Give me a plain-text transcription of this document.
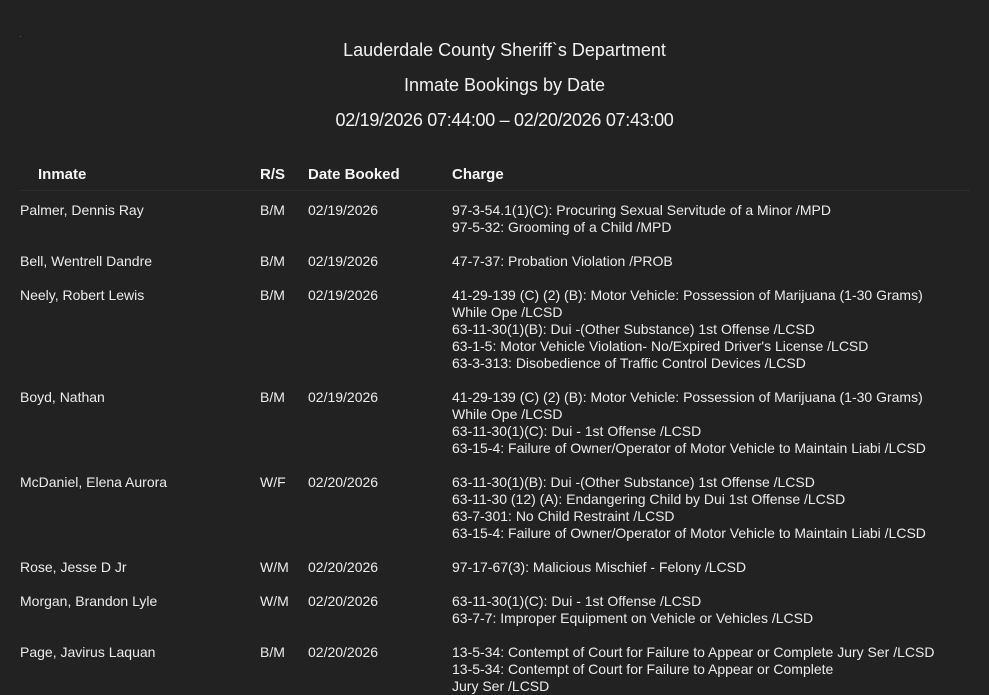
Lauderdale County Sheriff`s Department
Inmate Bookings by Date
02/19/2026 07:44:00 – 02/20/2026 07:43:00
Inmate	R/S Date Booked	Charge
Palmer, Dennis Ray	B/M 02/19/2026	97-3-54.1(1)(C): Procuring Sexual Servitude of a Minor /MPD
97-5-32: Grooming of a Child /MPD
Bell, Wentrell Dandre	B/M 02/19/2026	47-7-37: Probation Violation /PROB
Neely, Robert Lewis	B/M 02/19/2026	41-29-139 (C) (2) (B): Motor Vehicle: Possession of Marijuana (1-30 Grams)
While Ope /LCSD
63-11-30(1)(B): Dui -(Other Substance) 1st Offense /LCSD
63-1-5: Motor Vehicle Violation- No/Expired Driver's License /LCSD
63-3-313: Disobedience of Traffic Control Devices /LCSD
Boyd, Nathan	B/M 02/19/2026	41-29-139 (C) (2) (B): Motor Vehicle: Possession of Marijuana (1-30 Grams)
While Ope /LCSD
63-11-30(1)(C): Dui - 1st Offense /LCSD
63-15-4: Failure of Owner/Operator of Motor Vehicle to Maintain Liabi /LCSD
McDaniel, Elena Aurora	W/F 02/20/2026	63-11-30(1)(B): Dui -(Other Substance) 1st Offense /LCSD
63-11-30 (12) (A): Endangering Child by Dui 1st Offense /LCSD
63-7-301: No Child Restraint /LCSD
63-15-4: Failure of Owner/Operator of Motor Vehicle to Maintain Liabi /LCSD
Rose, Jesse D Jr	W/M 02/20/2026	97-17-67(3): Malicious Mischief - Felony /LCSD
Morgan, Brandon Lyle	W/M 02/20/2026	63-11-30(1)(C): Dui - 1st Offense /LCSD
63-7-7: Improper Equipment on Vehicle or Vehicles /LCSD
Page, Javirus Laquan	B/M 02/20/2026	13-5-34: Contempt of Court for Failure to Appear or Complete Jury Ser /LCSD
13-5-34: Contempt of Court for Failure to Appear or Complete
Jury Ser /LCSD
